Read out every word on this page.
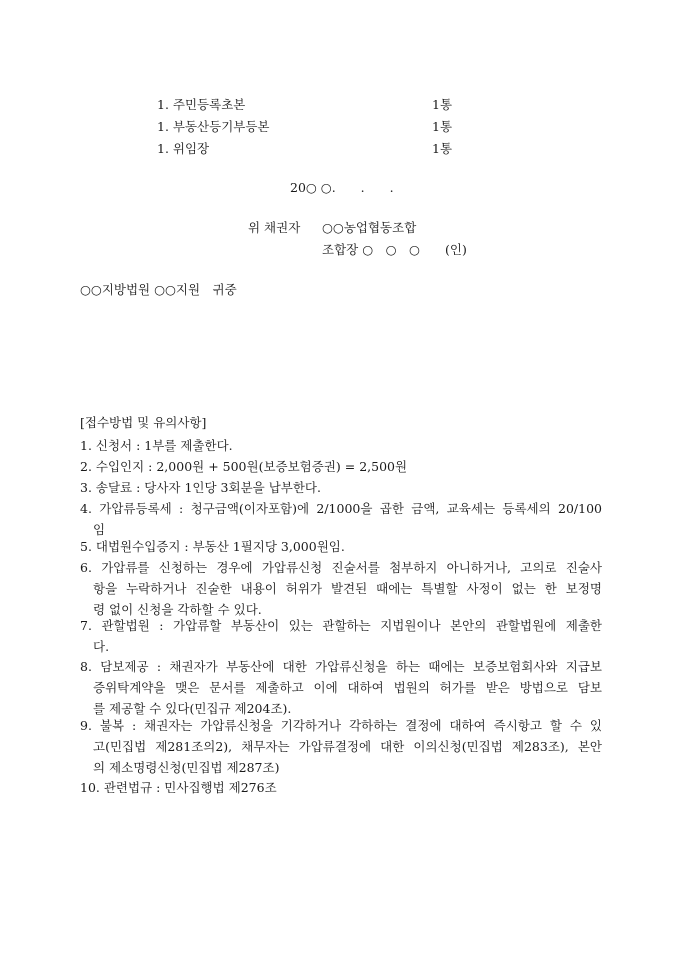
1. 주민등록초본	1통
1. 부동산등기부등본	1통
1. 위임장	1통
20○ ○.　　.　　.
위 채권자 ○○농업협동조합
조합장 ○　○　○ (인)
○○지방법원 ○○지원　귀중
[접수방법 및 유의사항]
1. 신청서 : 1부를 제출한다.
2. 수입인지 : 2,000원 + 500원(보증보험증권) = 2,500원
3. 송달료 : 당사자 1인당 3회분을 납부한다.
4. 가압류등록세 : 청구금액(이자포함)에 2/1000을 곱한 금액, 교육세는 등록세의 20/100
임
5. 대법원수입증지 : 부동산 1필지당 3,000원임.
6. 가압류를 신청하는 경우에 가압류신청 진술서를 첨부하지 아니하거나, 고의로 진술사
항을 누락하거나 진술한 내용이 허위가 발견된 때에는 특별할 사정이 없는 한 보정명
령 없이 신청을 각하할 수 있다.
7. 관할법원 : 가압류할 부동산이 있는 관할하는 지법원이나 본안의 관할법원에 제출한
다.
8. 담보제공 : 채권자가 부동산에 대한 가압류신청을 하는 때에는 보증보험회사와 지급보
증위탁계약을 맺은 문서를 제출하고 이에 대하여 법원의 허가를 받은 방법으로 담보
를 제공할 수 있다(민집규 제204조).
9. 불복 : 채권자는 가압류신청을 기각하거나 각하하는 결정에 대하여 즉시항고 할 수 있
고(민집법 제281조의2), 채무자는 가압류결정에 대한 이의신청(민집법 제283조), 본안
의 제소명령신청(민집법 제287조)
10. 관련법규 : 민사집행법 제276조
